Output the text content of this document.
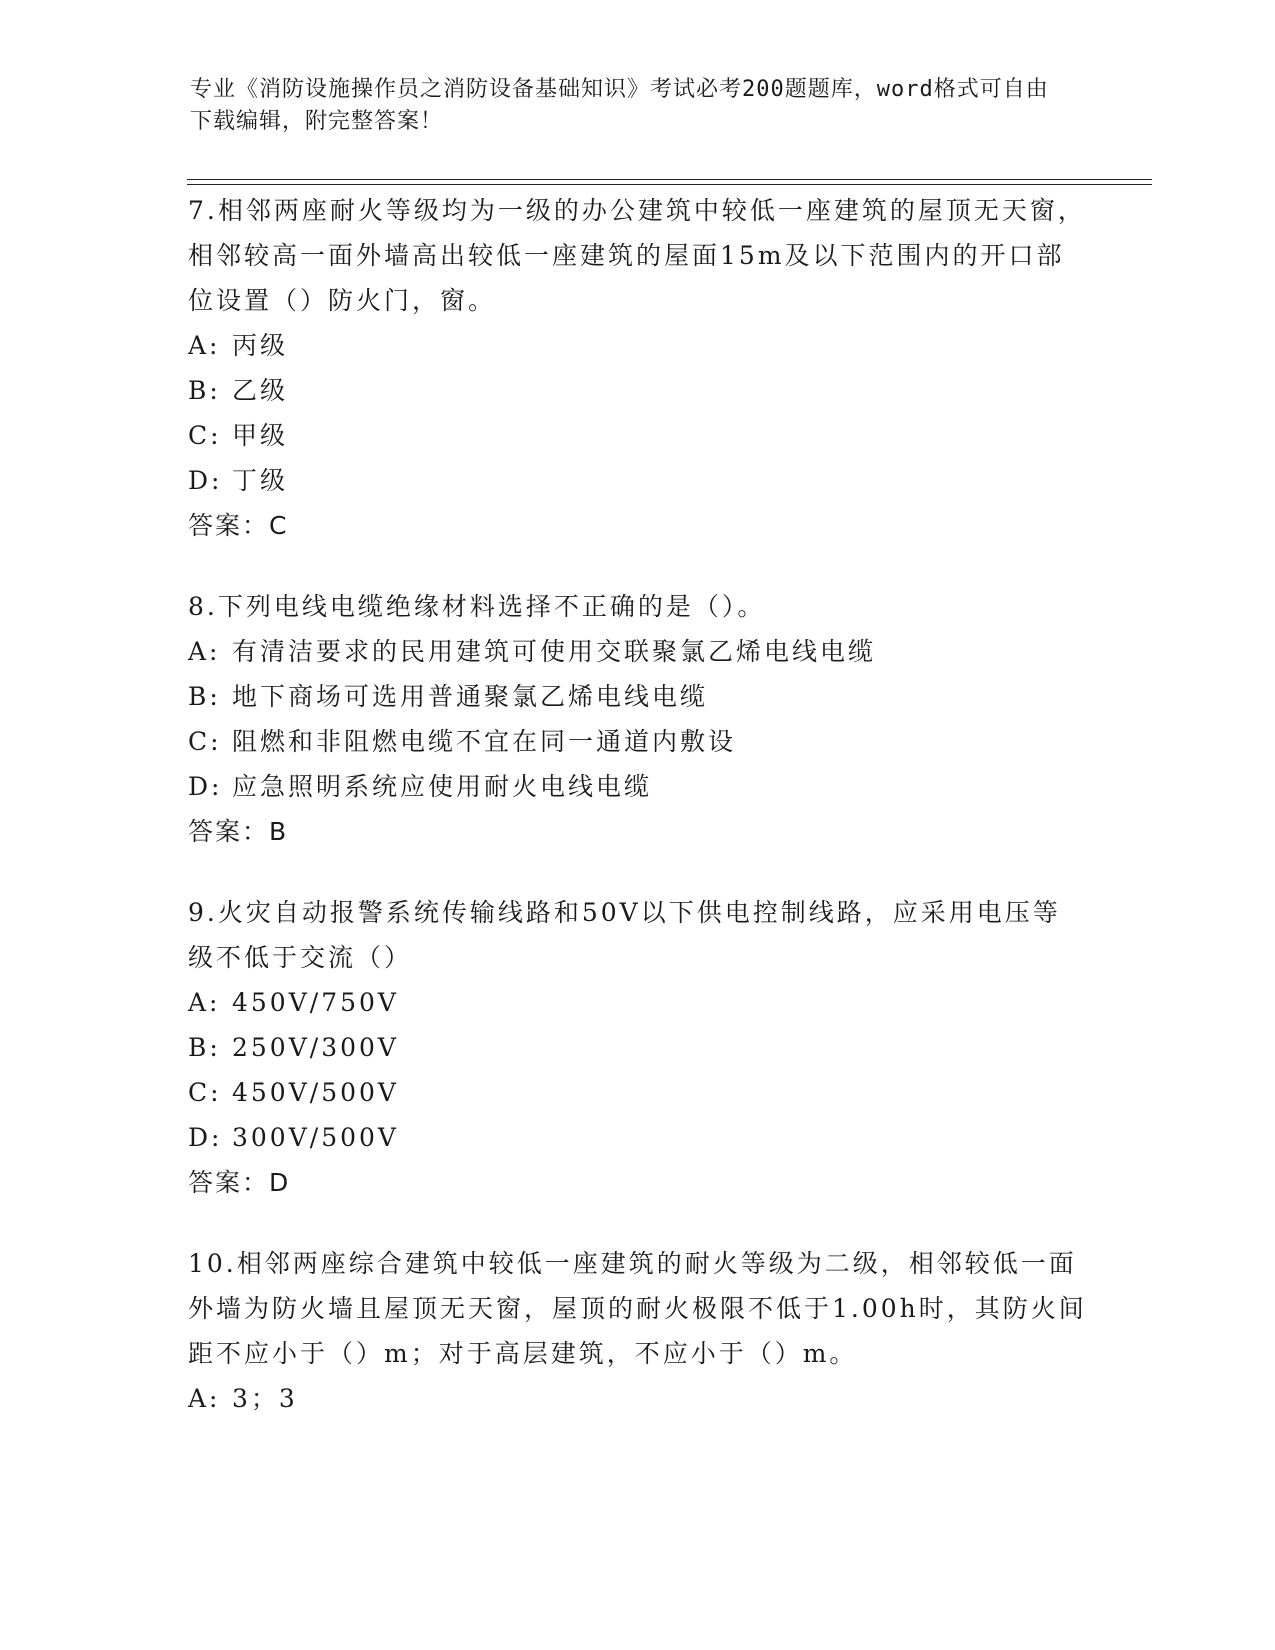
专业《消防设施操作员之消防设备基础知识》考试必考200题题库，word格式可自由下载编辑，附完整答案！
7.相邻两座耐火等级均为一级的办公建筑中较低一座建筑的屋顶无天窗，相邻较高一面外墙高出较低一座建筑的屋面15m及以下范围内的开口部位设置（）防火门，窗。
A: 丙级
B: 乙级
C: 甲级
D: 丁级
答案：C
8.下列电线电缆绝缘材料选择不正确的是（）。
A: 有清洁要求的民用建筑可使用交联聚氯乙烯电线电缆
B: 地下商场可选用普通聚氯乙烯电线电缆
C: 阻燃和非阻燃电缆不宜在同一通道内敷设
D: 应急照明系统应使用耐火电线电缆
答案：B
9.火灾自动报警系统传输线路和50V以下供电控制线路，应采用电压等级不低于交流（）
A: 450V/750V
B: 250V/300V
C: 450V/500V
D: 300V/500V
答案：D
10.相邻两座综合建筑中较低一座建筑的耐火等级为二级，相邻较低一面外墙为防火墙且屋顶无天窗，屋顶的耐火极限不低于1.00h时，其防火间距不应小于（）m；对于高层建筑，不应小于（）m。
A: 3；3
